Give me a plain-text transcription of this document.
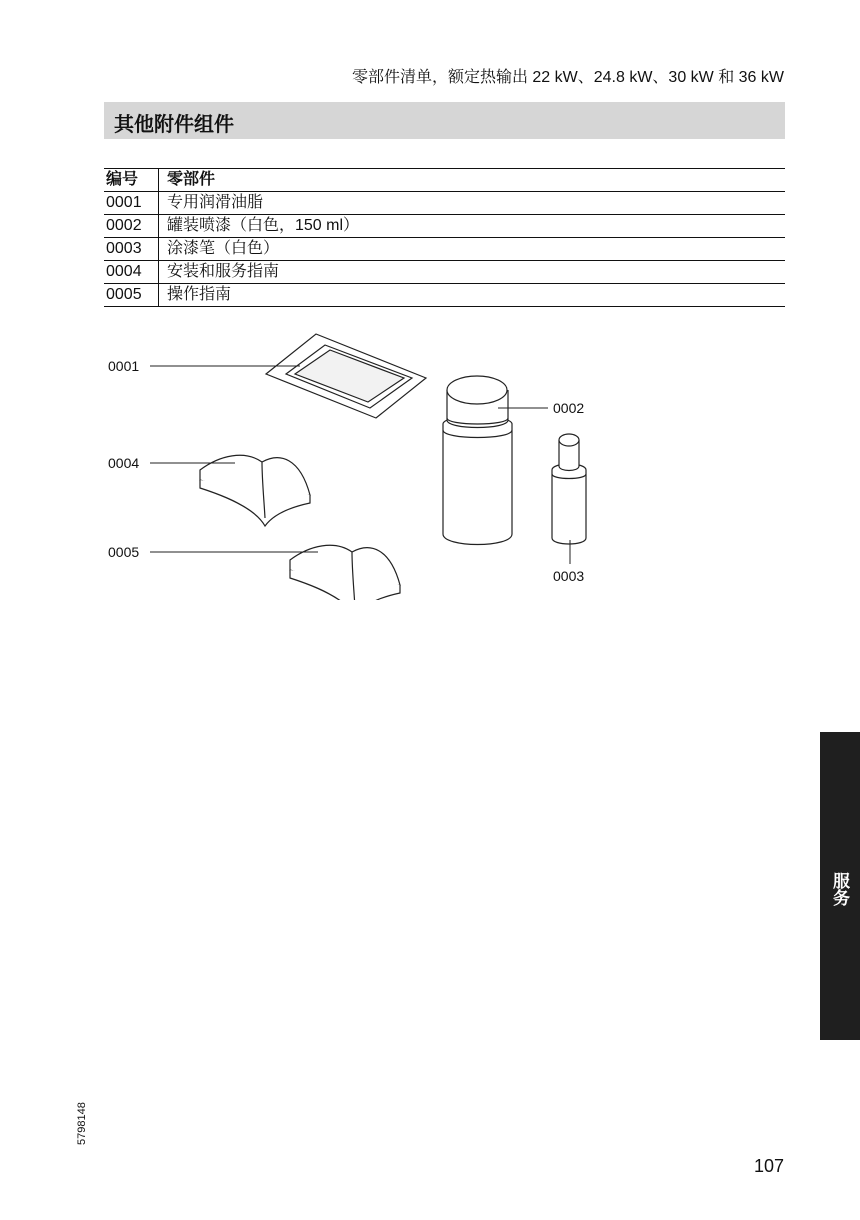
零部件清单，额定热输出 22 kW、24.8 kW、30 kW 和 36 kW
其他附件组件
编号	零部件
0001	专用润滑油脂
0002	罐装喷漆（白色，150 ml）
0003	涂漆笔（白色）
0004	安装和服务指南
0005	操作指南
0001
0004
0005
0002
0003
服务
5798148
107
